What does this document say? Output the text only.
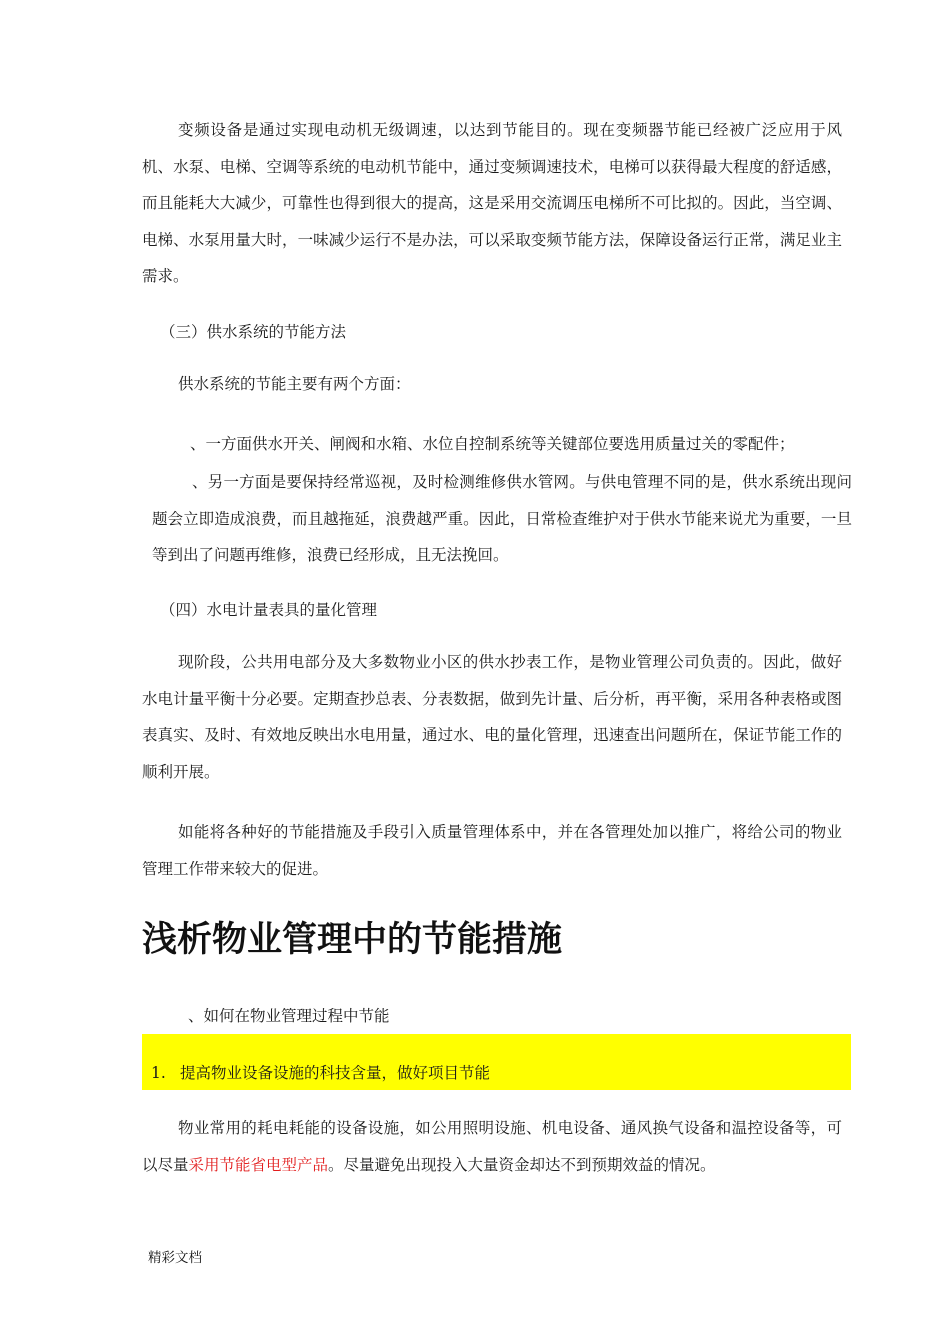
变频设备是通过实现电动机无级调速，以达到节能目的。现在变频器节能已经被广泛应用于风机、水泵、电梯、空调等系统的电动机节能中，通过变频调速技术，电梯可以获得最大程度的舒适感，而且能耗大大减少，可靠性也得到很大的提高，这是采用交流调压电梯所不可比拟的。因此，当空调、电梯、水泵用量大时，一味减少运行不是办法，可以采取变频节能方法，保障设备运行正常，满足业主需求。

（三）供水系统的节能方法
供水系统的节能主要有两个方面：
、一方面供水开关、闸阀和水箱、水位自控制系统等关键部位要选用质量过关的零配件；

、另一方面是要保持经常巡视，及时检测维修供水管网。与供电管理不同的是，供水系统出现问题会立即造成浪费，而且越拖延，浪费越严重。因此，日常检查维护对于供水节能来说尤为重要，一旦等到出了问题再维修，浪费已经形成，且无法挽回。

（四）水电计量表具的量化管理

现阶段，公共用电部分及大多数物业小区的供水抄表工作，是物业管理公司负责的。因此，做好水电计量平衡十分必要。定期查抄总表、分表数据，做到先计量、后分析，再平衡，采用各种表格或图表真实、及时、有效地反映出水电用量，通过水、电的量化管理，迅速查出问题所在，保证节能工作的顺利开展。

如能将各种好的节能措施及手段引入质量管理体系中，并在各管理处加以推广，将给公司的物业管理工作带来较大的促进。

浅析物业管理中的节能措施
、如何在物业管理过程中节能
1. 提高物业设备设施的科技含量，做好项目节能

物业常用的耗电耗能的设备设施，如公用照明设施、机电设备、通风换气设备和温控设备等，可以尽量采用节能省电型产品。尽量避免出现投入大量资金却达不到预期效益的情况。

精彩文档
